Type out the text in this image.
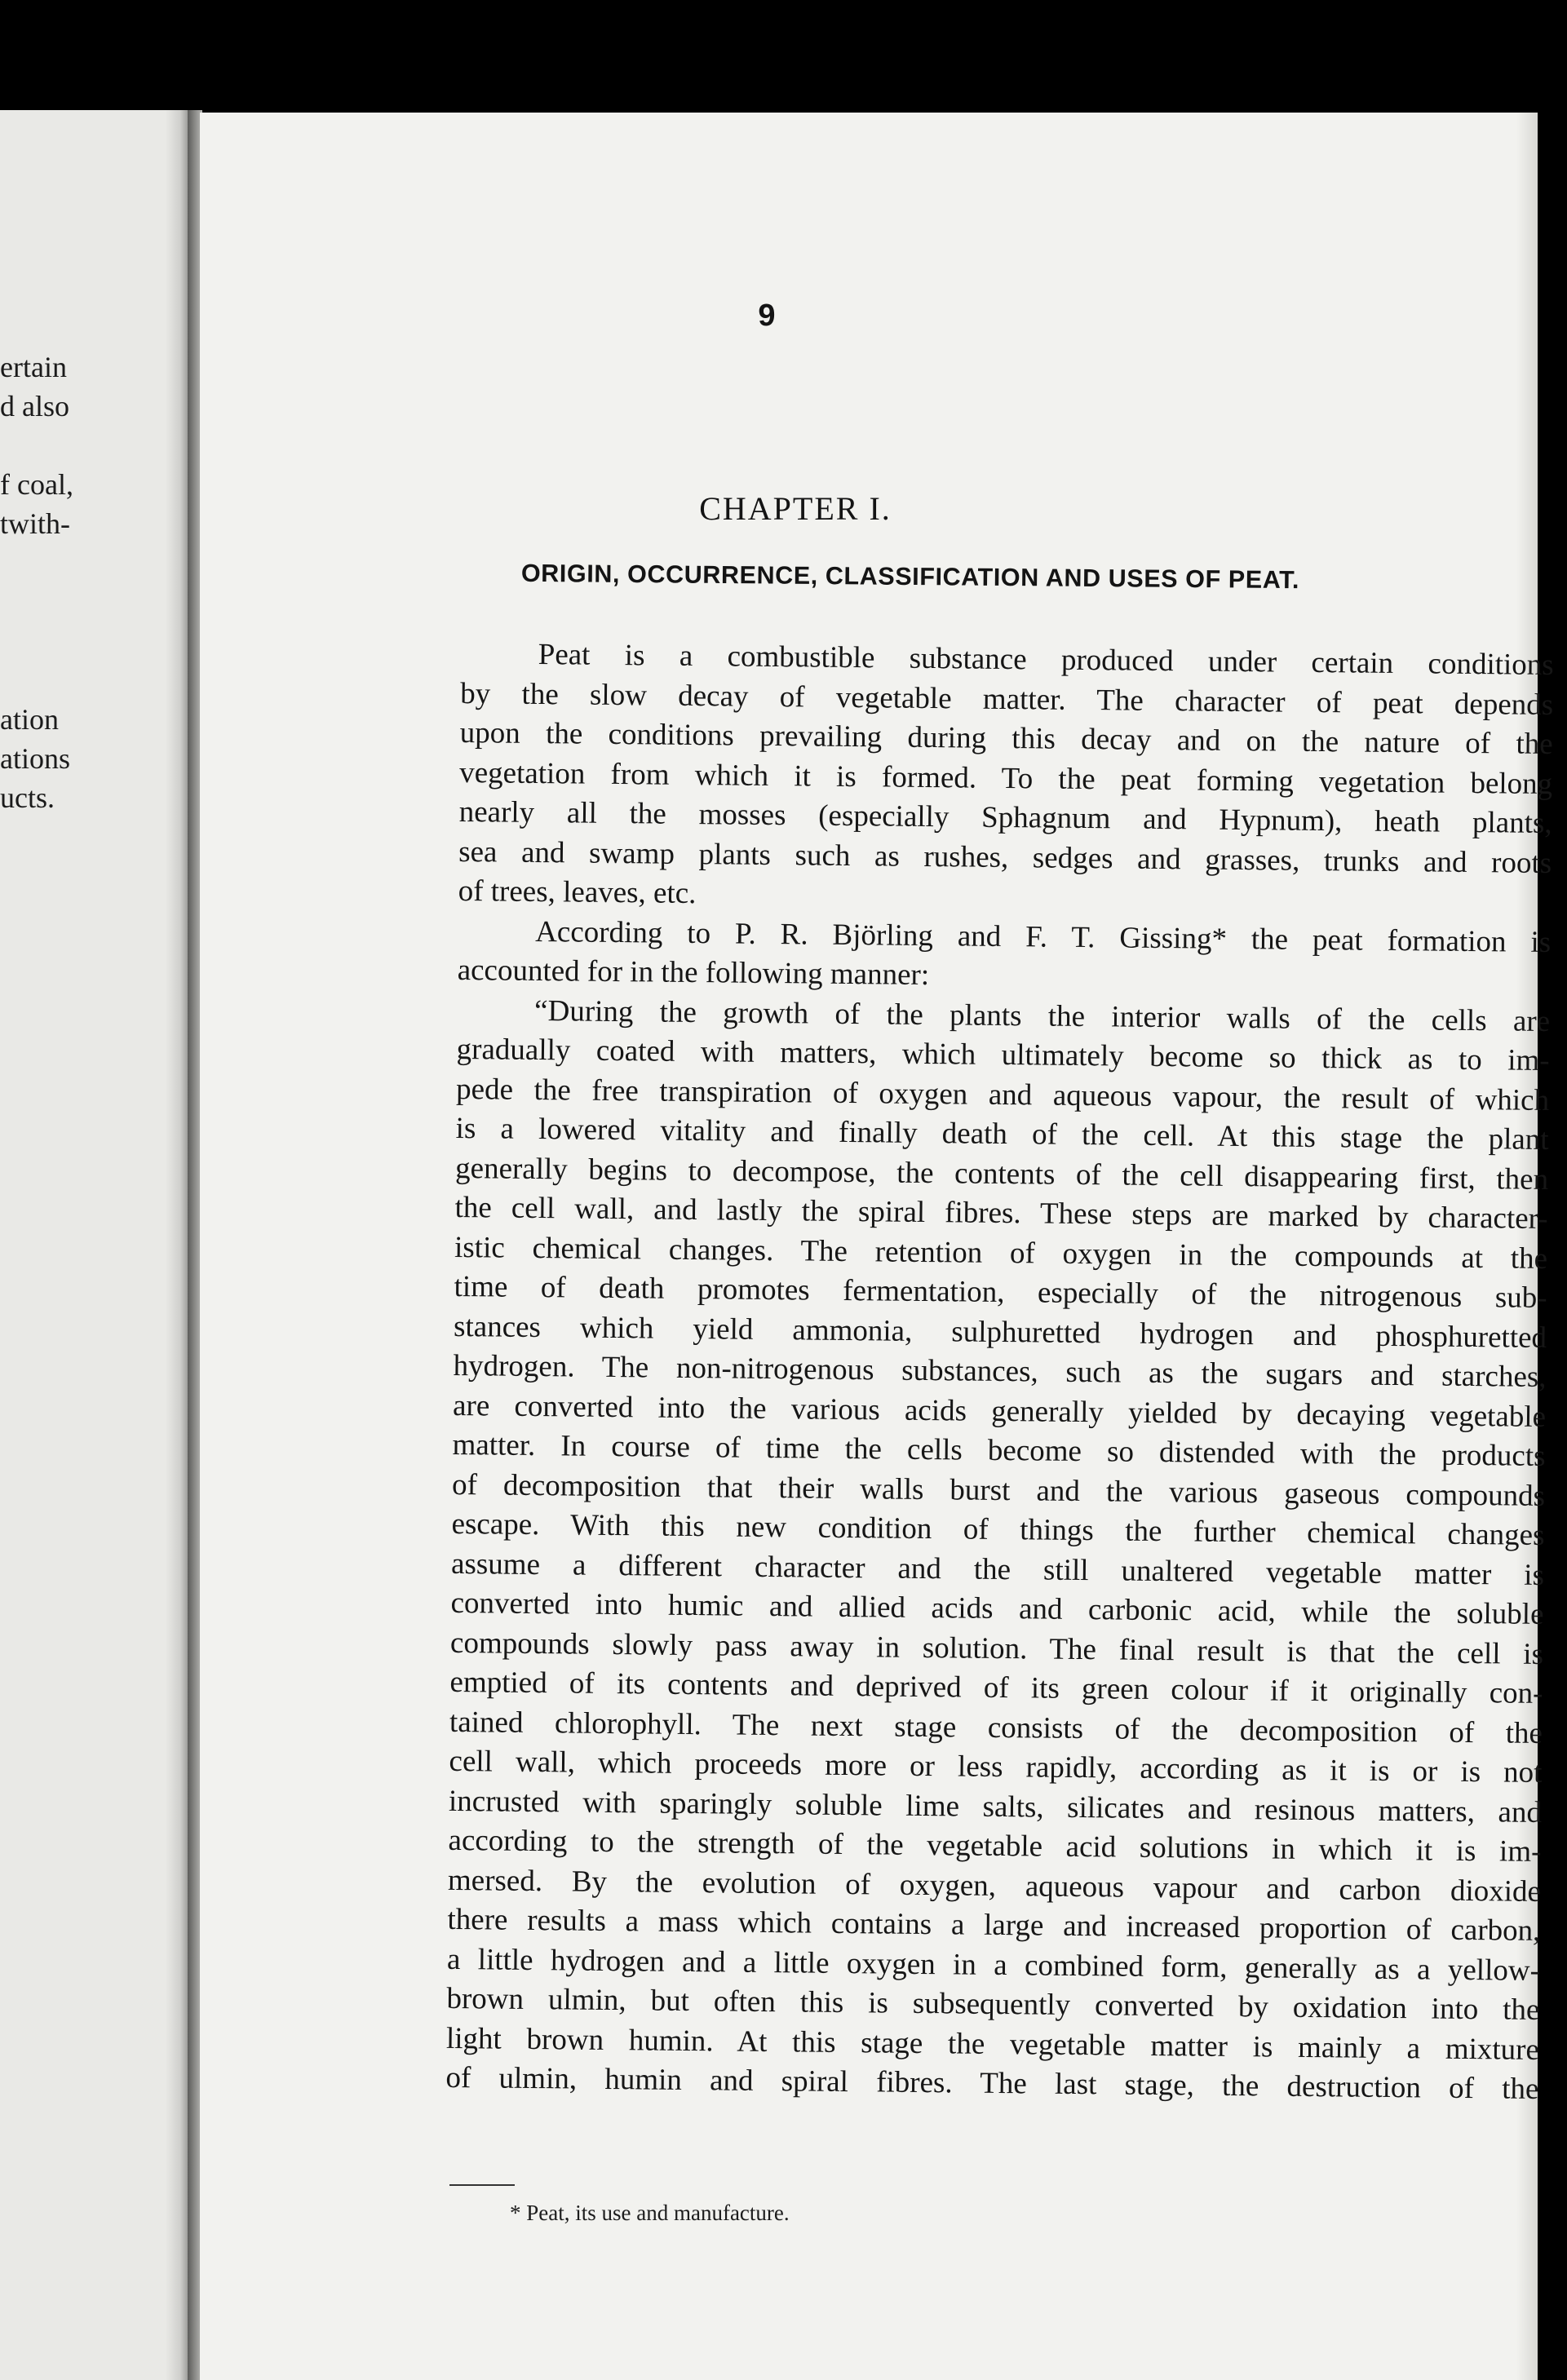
ertain
d also
f coal,
twith-
ation
ations
ucts.
9
CHAPTER I.
ORIGIN, OCCURRENCE, CLASSIFICATION AND USES OF PEAT.
Peat is a combustible substance produced under certain conditions
by the slow decay of vegetable matter. The character of peat depends
upon the conditions prevailing during this decay and on the nature of the
vegetation from which it is formed. To the peat forming vegetation belong
nearly all the mosses (especially Sphagnum and Hypnum), heath plants,
sea and swamp plants such as rushes, sedges and grasses, trunks and roots
of trees, leaves, etc.
According to P. R. Björling and F. T. Gissing* the peat formation is
accounted for in the following manner:
“During the growth of the plants the interior walls of the cells are
gradually coated with matters, which ultimately become so thick as to im-
pede the free transpiration of oxygen and aqueous vapour, the result of which
is a lowered vitality and finally death of the cell. At this stage the plant
generally begins to decompose, the contents of the cell disappearing first, then
the cell wall, and lastly the spiral fibres. These steps are marked by character-
istic chemical changes. The retention of oxygen in the compounds at the
time of death promotes fermentation, especially of the nitrogenous sub-
stances which yield ammonia, sulphuretted hydrogen and phosphuretted
hydrogen. The non-nitrogenous substances, such as the sugars and starches,
are converted into the various acids generally yielded by decaying vegetable
matter. In course of time the cells become so distended with the products
of decomposition that their walls burst and the various gaseous compounds
escape. With this new condition of things the further chemical changes
assume a different character and the still unaltered vegetable matter is
converted into humic and allied acids and carbonic acid, while the soluble
compounds slowly pass away in solution. The final result is that the cell is
emptied of its contents and deprived of its green colour if it originally con-
tained chlorophyll. The next stage consists of the decomposition of the
cell wall, which proceeds more or less rapidly, according as it is or is not
incrusted with sparingly soluble lime salts, silicates and resinous matters, and
according to the strength of the vegetable acid solutions in which it is im-
mersed. By the evolution of oxygen, aqueous vapour and carbon dioxide
there results a mass which contains a large and increased proportion of carbon,
a little hydrogen and a little oxygen in a combined form, generally as a yellow-
brown ulmin, but often this is subsequently converted by oxidation into the
light brown humin. At this stage the vegetable matter is mainly a mixture
of ulmin, humin and spiral fibres. The last stage, the destruction of the
* Peat, its use and manufacture.
